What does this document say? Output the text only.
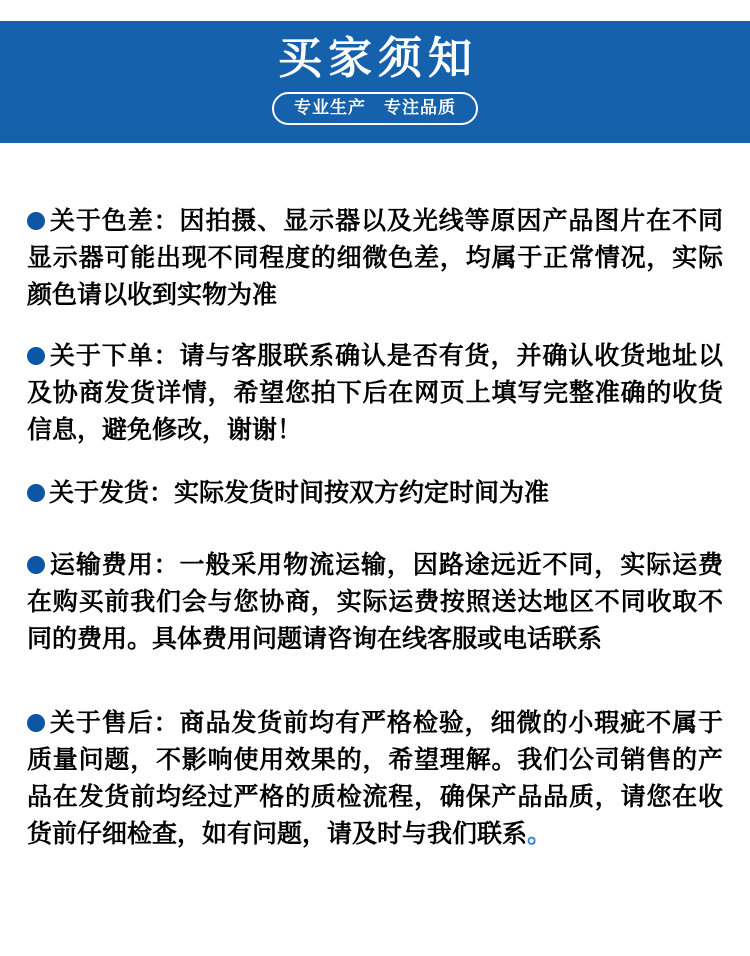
买家须知
专业生产　专注品质
关于色差：因拍摄、显示器以及光线等原因产品图片在不同
显示器可能出现不同程度的细微色差，均属于正常情况，实际
颜色请以收到实物为准
关于下单：请与客服联系确认是否有货，并确认收货地址以
及协商发货详情，希望您拍下后在网页上填写完整准确的收货
信息，避免修改，谢谢！
关于发货：实际发货时间按双方约定时间为准
运输费用：一般采用物流运输，因路途远近不同，实际运费
在购买前我们会与您协商，实际运费按照送达地区不同收取不
同的费用。具体费用问题请咨询在线客服或电话联系
关于售后：商品发货前均有严格检验，细微的小瑕疵不属于
质量问题，不影响使用效果的，希望理解。我们公司销售的产
品在发货前均经过严格的质检流程，确保产品品质，请您在收
货前仔细检查，如有问题，请及时与我们联系。
